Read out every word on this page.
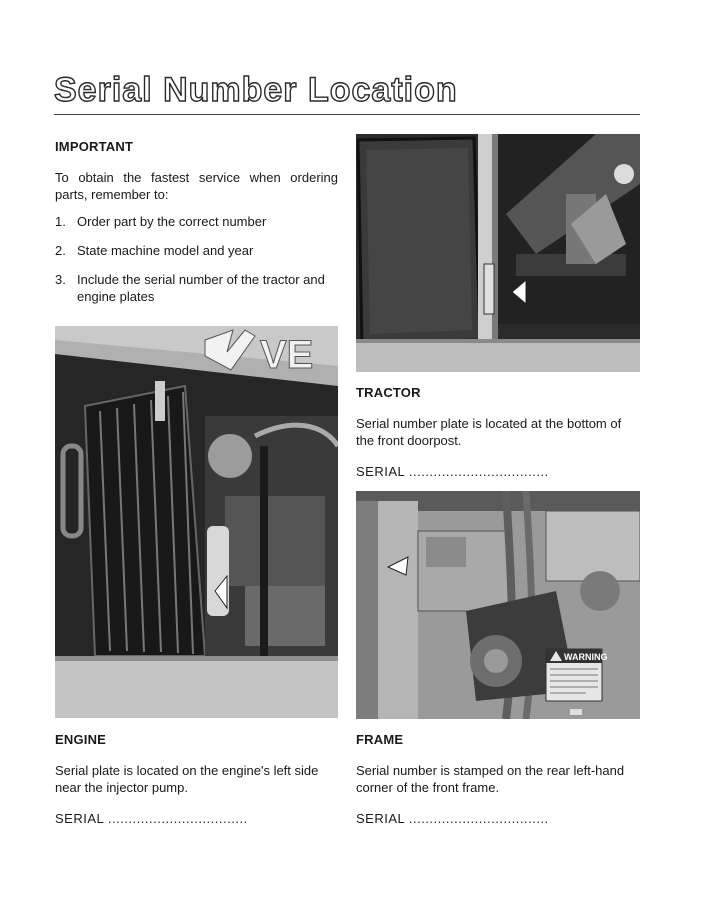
Serial Number Location
IMPORTANT

To obtain the fastest service when ordering parts, remember to:

1. Order part by the correct number
2. State machine model and year
3. Include the serial number of the tractor and engine plates
TRACTOR

Serial number plate is located at the bottom of the front doorpost.

SERIAL ..................................
VE
WARNING
ENGINE

Serial plate is located on the engine's left side near the injector pump.

SERIAL ..................................
FRAME

Serial number is stamped on the rear left-hand corner of the front frame.

SERIAL ..................................
